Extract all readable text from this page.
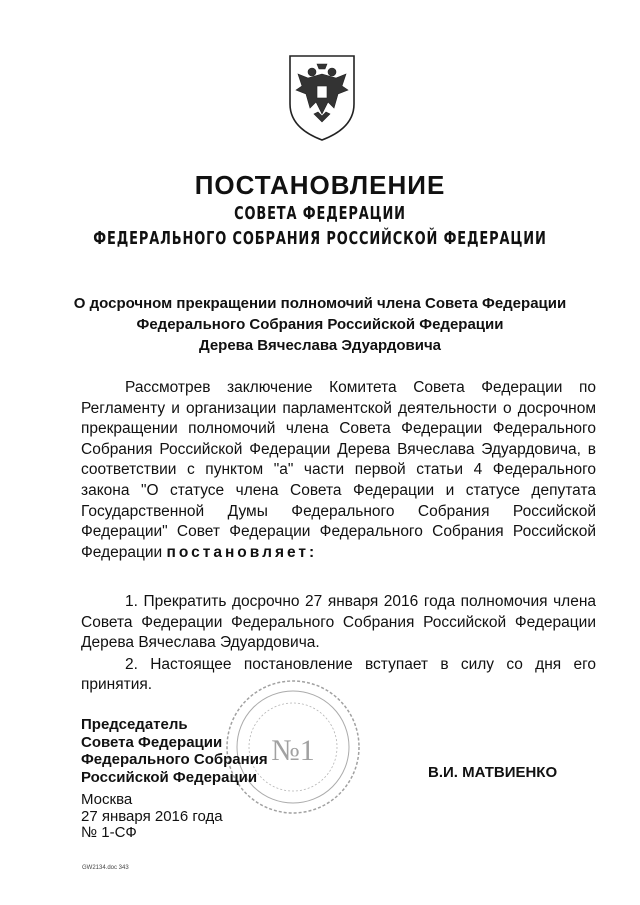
ПОСТАНОВЛЕНИЕ
СОВЕТА ФЕДЕРАЦИИ
ФЕДЕРАЛЬНОГО СОБРАНИЯ РОССИЙСКОЙ ФЕДЕРАЦИИ
О досрочном прекращении полномочий члена Совета Федерации
Федерального Собрания Российской Федерации
Дерева Вячеслава Эдуардовича

Рассмотрев заключение Комитета Совета Федерации по Регламенту и организации парламентской деятельности о досрочном прекращении полномочий члена Совета Федерации Федерального Собрания Российской Федерации Дерева Вячеслава Эдуардовича, в соответствии с пунктом "а" части первой статьи 4 Федерального закона "О статусе члена Совета Федерации и статусе депутата Государственной Думы Федерального Собрания Российской Федерации" Совет Федерации Федерального Собрания Российской Федерации постановляет:

1. Прекратить досрочно 27 января 2016 года полномочия члена Совета Федерации Федерального Собрания Российской Федерации Дерева Вячеслава Эдуардовича.

2. Настоящее постановление вступает в силу со дня его принятия.

№1
Председатель
Совета Федерации
Федерального Собрания
Российской Федерации	В.И. МАТВИЕНКО
Москва
27 января 2016 года
№ 1-СФ
GW2134.doc 343
